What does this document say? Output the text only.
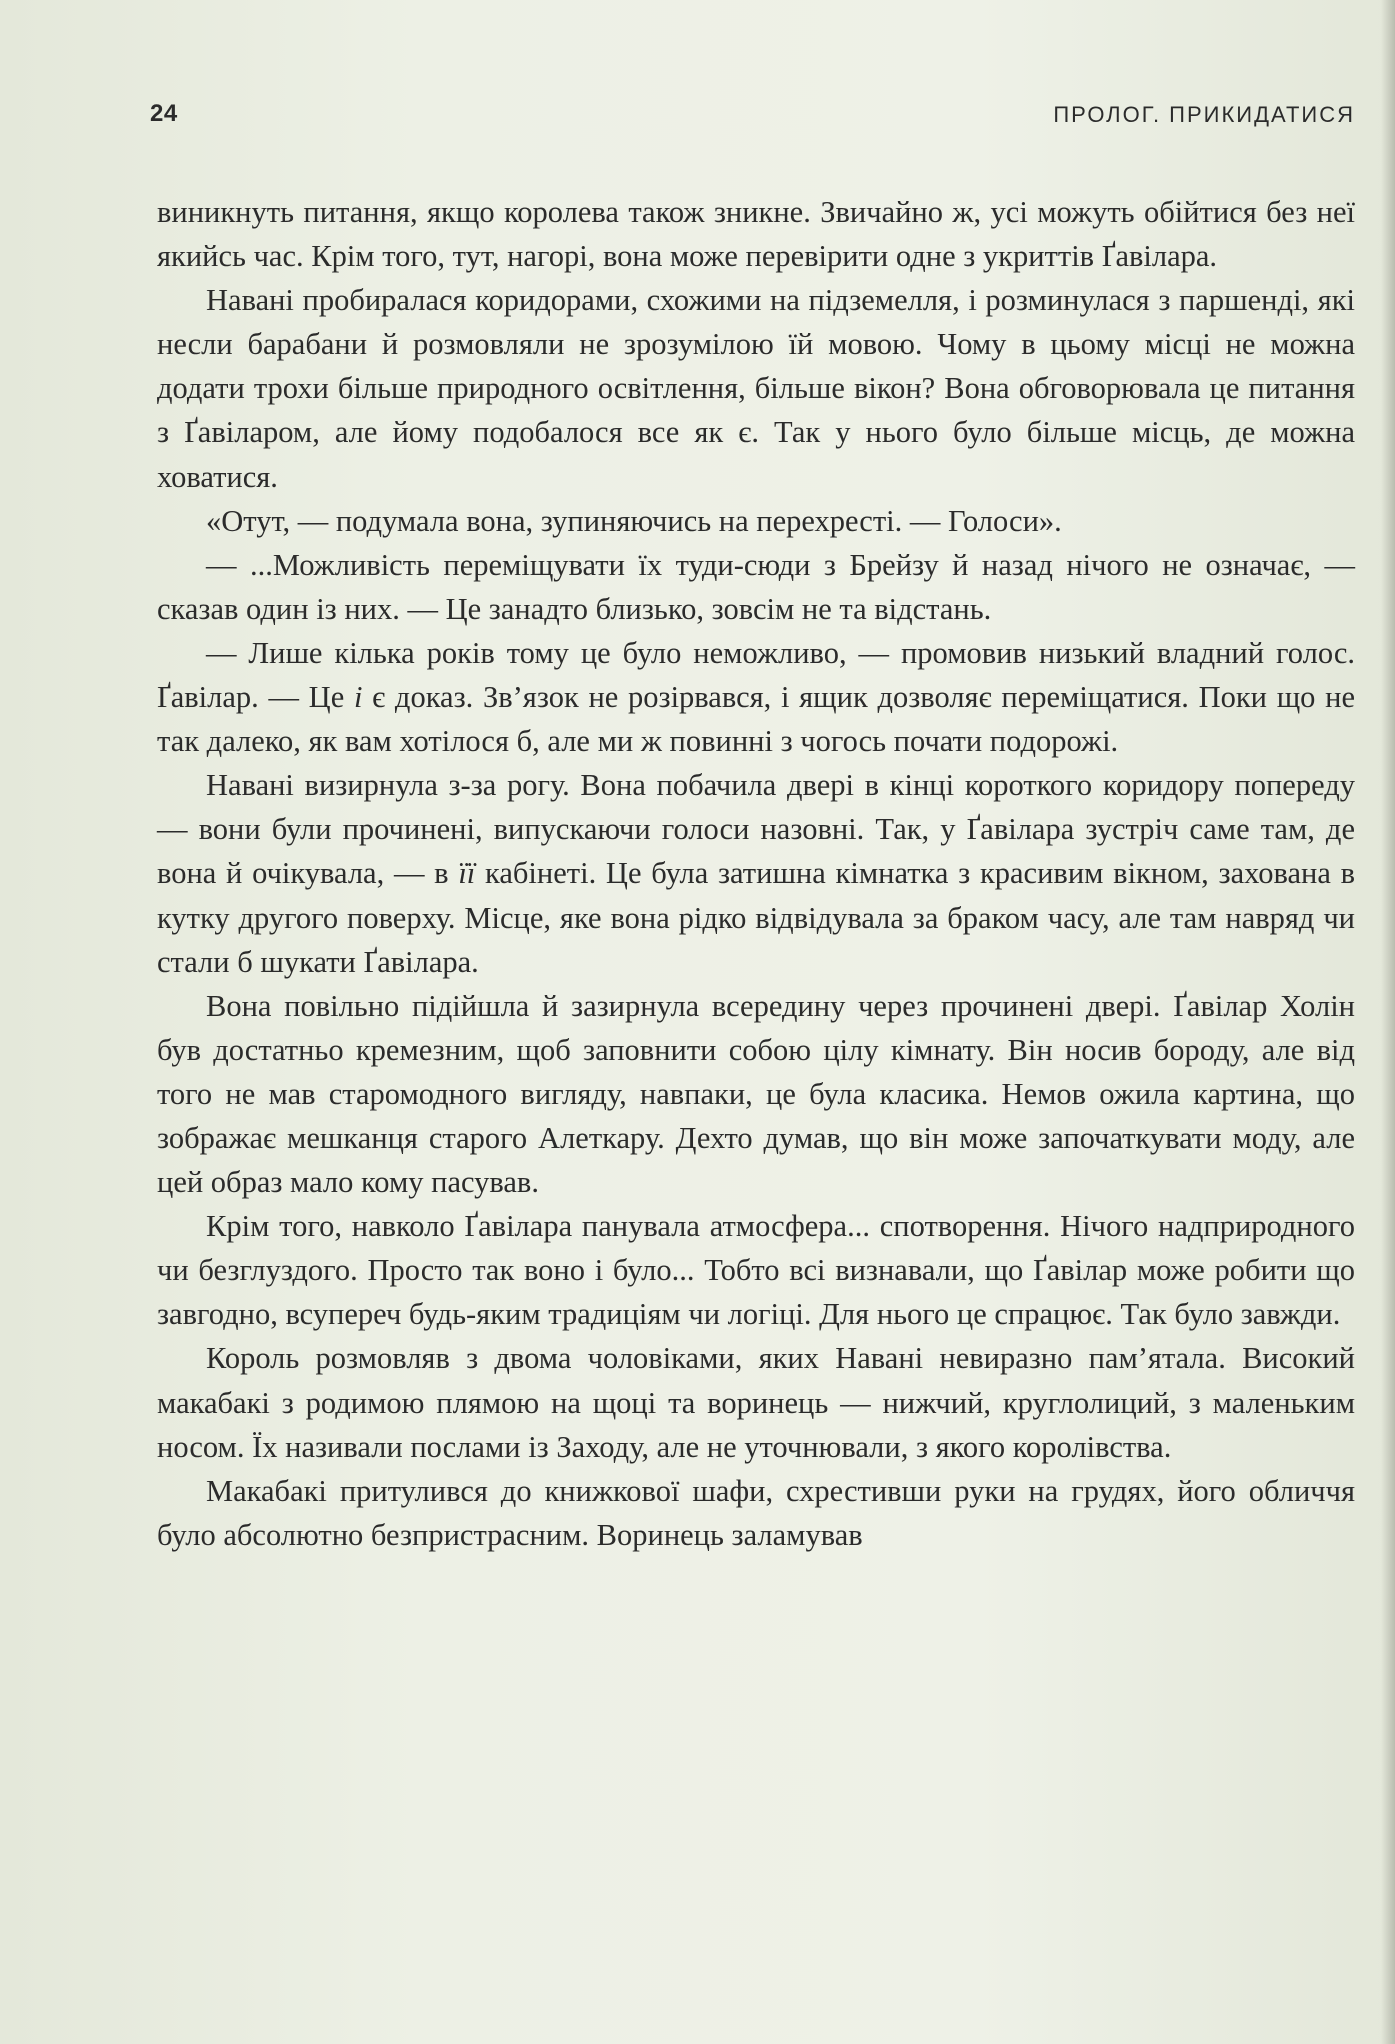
24	ПРОЛОГ. ПРИКИДАТИСЯ

виникнуть питання, якщо королева також зникне. Звичайно ж, усі можуть обійтися без неї якийсь час. Крім того, тут, нагорі, вона може перевірити одне з укриттів Ґавілара.

Навані пробиралася коридорами, схожими на підземелля, і розминулася з паршенді, які несли барабани й розмовляли не зрозумілою їй мовою. Чому в цьому місці не можна додати трохи більше природного освітлення, більше вікон? Вона обговорювала це питання з Ґавіларом, але йому подобалося все як є. Так у нього було більше місць, де можна ховатися.

«Отут, — подумала вона, зупиняючись на перехресті. — Голоси».

— ...Можливість переміщувати їх туди-сюди з Брейзу й назад нічого не означає, — сказав один із них. — Це занадто близько, зовсім не та відстань.

— Лише кілька років тому це було неможливо, — промовив низький владний голос. Ґавілар. — Це і є доказ. Зв’язок не розірвався, і ящик дозволяє переміщатися. Поки що не так далеко, як вам хотілося б, але ми ж повинні з чогось почати подорожі.

Навані визирнула з-за рогу. Вона побачила двері в кінці короткого коридору попереду — вони були прочинені, випускаючи голоси назовні. Так, у Ґавілара зустріч саме там, де вона й очікувала, — в її кабінеті. Це була затишна кімнатка з красивим вікном, захована в кутку другого поверху. Місце, яке вона рідко відвідувала за браком часу, але там навряд чи стали б шукати Ґавілара.

Вона повільно підійшла й зазирнула всередину через прочинені двері. Ґавілар Холін був достатньо кремезним, щоб заповнити собою цілу кімнату. Він носив бороду, але від того не мав старомодного вигляду, навпаки, це була класика. Немов ожила картина, що зображає мешканця старого Алеткару. Дехто думав, що він може започаткувати моду, але цей образ мало кому пасував.

Крім того, навколо Ґавілара панувала атмосфера... спотворення. Нічого надприродного чи безглуздого. Просто так воно і було... Тобто всі визнавали, що Ґавілар може робити що завгодно, всупереч будь-яким традиціям чи логіці. Для нього це спрацює. Так було завжди.

Король розмовляв з двома чоловіками, яких Навані невиразно пам’ятала. Високий макабакі з родимою плямою на щоці та воринець — нижчий, круглолиций, з маленьким носом. Їх називали послами із Заходу, але не уточнювали, з якого королівства.

Макабакі притулився до книжкової шафи, схрестивши руки на грудях, його обличчя було абсолютно безпристрасним. Воринець заламував
